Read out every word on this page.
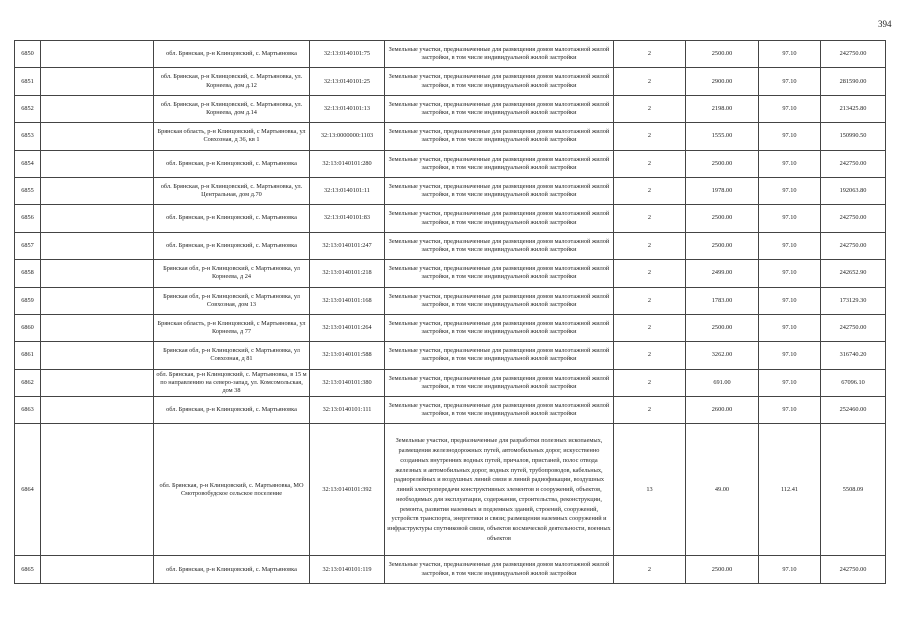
394
6850		обл. Брянская, р-н Клинцовский, с. Мартьяновка	32:13:0140101:75	Земельные участки, предназначенные для размещения домов малоэтажной жилой застройки, в том числе индивидуальной жилой застройки	2	2500.00	97.10	242750.00
6851		обл. Брянская, р-н Клинцовский, с. Мартьяновка, ул. Корнеева, дом д.12	32:13:0140101:25	Земельные участки, предназначенные для размещения домов малоэтажной жилой застройки, в том числе индивидуальной жилой застройки	2	2900.00	97.10	281590.00
6852		обл. Брянская, р-н Клинцовский, с. Мартьяновка, ул. Корнеева, дом д.14	32:13:0140101:13	Земельные участки, предназначенные для размещения домов малоэтажной жилой застройки, в том числе индивидуальной жилой застройки	2	2198.00	97.10	213425.80
6853		Брянская область, р-н Клинцовский, с Мартьяновка, ул Совхозная, д 36, кв 1	32:13:0000000:1103	Земельные участки, предназначенные для размещения домов малоэтажной жилой застройки, в том числе индивидуальной жилой застройки	2	1555.00	97.10	150990.50
6854		обл. Брянская, р-н Клинцовский, с. Мартьяновка	32:13:0140101:280	Земельные участки, предназначенные для размещения домов малоэтажной жилой застройки, в том числе индивидуальной жилой застройки	2	2500.00	97.10	242750.00
6855		обл. Брянская, р-н Клинцовский, с. Мартьяновка, ул. Центральная, дом д.70	32:13:0140101:11	Земельные участки, предназначенные для размещения домов малоэтажной жилой застройки, в том числе индивидуальной жилой застройки	2	1978.00	97.10	192063.80
6856		обл. Брянская, р-н Клинцовский, с. Мартьяновка	32:13:0140101:83	Земельные участки, предназначенные для размещения домов малоэтажной жилой застройки, в том числе индивидуальной жилой застройки	2	2500.00	97.10	242750.00
6857		обл. Брянская, р-н Клинцовский, с. Мартьяновка	32:13:0140101:247	Земельные участки, предназначенные для размещения домов малоэтажной жилой застройки, в том числе индивидуальной жилой застройки	2	2500.00	97.10	242750.00
6858		Брянская обл, р-н Клинцовский, с Мартьяновка, ул Корнеева, д 24	32:13:0140101:218	Земельные участки, предназначенные для размещения домов малоэтажной жилой застройки, в том числе индивидуальной жилой застройки	2	2499.00	97.10	242652.90
6859		Брянская обл, р-н Клинцовский, с Мартьяновка, ул Совхозная, дом 13	32:13:0140101:168	Земельные участки, предназначенные для размещения домов малоэтажной жилой застройки, в том числе индивидуальной жилой застройки	2	1783.00	97.10	173129.30
6860		Брянская область, р-н Клинцовский, с Мартьяновка, ул Корнеева, д 77	32:13:0140101:264	Земельные участки, предназначенные для размещения домов малоэтажной жилой застройки, в том числе индивидуальной жилой застройки	2	2500.00	97.10	242750.00
6861		Брянская обл, р-н Клинцовский, с Мартьяновка, ул Совхозная, д 81	32:13:0140101:588	Земельные участки, предназначенные для размещения домов малоэтажной жилой застройки, в том числе индивидуальной жилой застройки	2	3262.00	97.10	316740.20
6862		обл. Брянская, р-н Клинцовский, с. Мартьяновка, в 15 м по направлению на северо-запад, ул. Комсомольская, дом 38	32:13:0140101:380	Земельные участки, предназначенные для размещения домов малоэтажной жилой застройки, в том числе индивидуальной жилой застройки	2	691.00	97.10	67096.10
6863		обл. Брянская, р-н Клинцовский, с. Мартьяновка	32:13:0140101:111	Земельные участки, предназначенные для размещения домов малоэтажной жилой застройки, в том числе индивидуальной жилой застройки	2	2600.00	97.10	252460.00
6864		обл. Брянская, р-н Клинцовский, с. Мартьяновка, МО Смотровобудское сельское поселение	32:13:0140101:392	Земельные участки, предназначенные для разработки полезных ископаемых, размещения железнодорожных путей, автомобильных дорог, искусственно созданных внутренних водных путей, причалов, пристаней, полос отвода железных и автомобильных дорог, водных путей, трубопроводов, кабельных, радиорелейных и воздушных линий связи и линий радиофикации, воздушных линий электропередачи конструктивных элементов и сооружений, объектов, необходимых для эксплуатации, содержания, строительства, реконструкции, ремонта, развития наземных и подземных зданий, строений, сооружений, устройств транспорта, энергетики и связи; размещения наземных сооружений и инфраструктуры спутниковой связи, объектов космической деятельности, военных объектов	13	49.00	112.41	5508.09
6865		обл. Брянская, р-н Клинцовский, с. Мартьяновка	32:13:0140101:119	Земельные участки, предназначенные для размещения домов малоэтажной жилой застройки, в том числе индивидуальной жилой застройки	2	2500.00	97.10	242750.00
